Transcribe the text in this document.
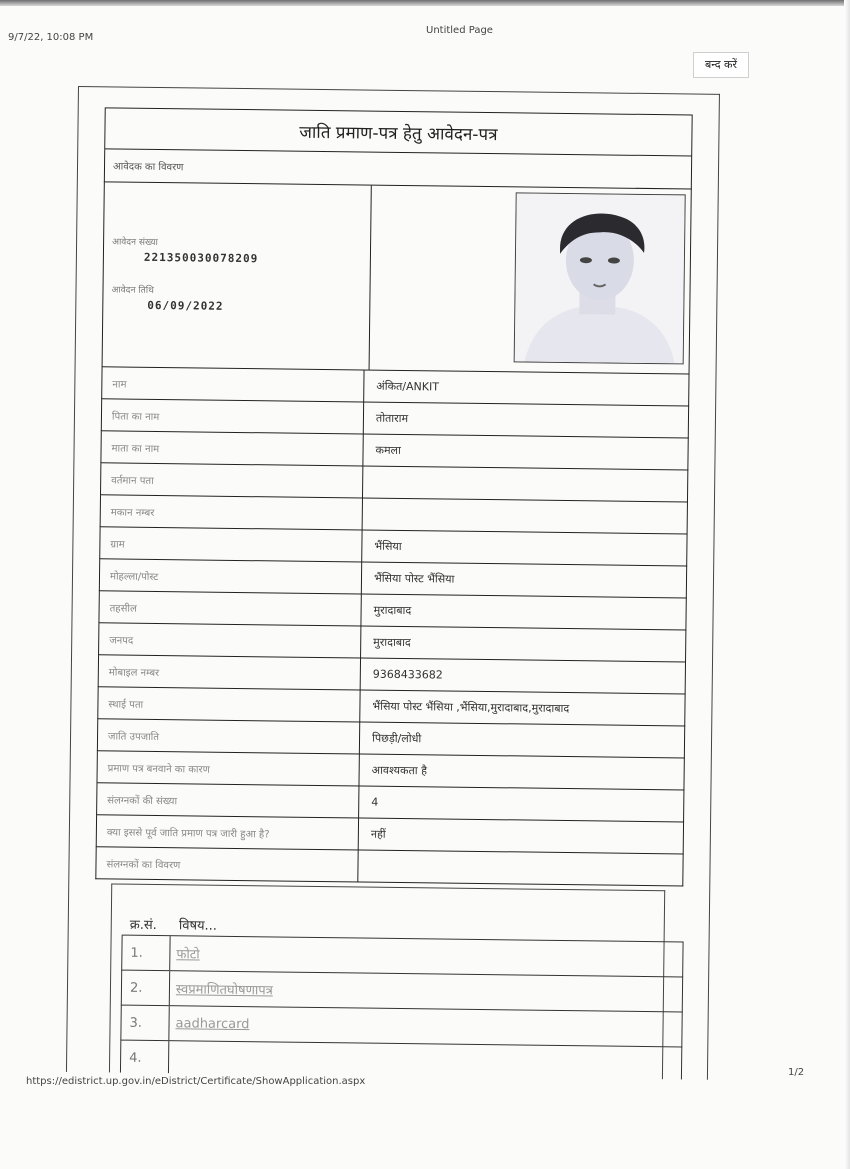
9/7/22, 10:08 PM
Untitled Page
बन्द करें
जाति प्रमाण-पत्र हेतु आवेदन-पत्र
आवेदक का विवरण
आवेदन संख्या
221350030078209
आवेदन तिथि
06/09/2022
नाम	अंकित/ANKIT
पिता का नाम	तोताराम
माता का नाम	कमला
वर्तमान पता
मकान नम्बर
ग्राम	भैंसिया
मोहल्ला/पोस्ट	भैंसिया पोस्ट भैंसिया
तहसील	मुरादाबाद
जनपद	मुरादाबाद
मोबाइल नम्बर	9368433682
स्थाई पता	भैंसिया पोस्ट भैंसिया ,भैंसिया,मुरादाबाद,मुरादाबाद
जाति उपजाति	पिछड़ी/लोधी
प्रमाण पत्र बनवाने का कारण	आवश्यकता है
संलग्नकों की संख्या	4
क्या इससे पूर्व जाति प्रमाण पत्र जारी हुआ है?	नहीं
संलग्नकों का विवरण
क्र.सं. विषय...
1.	फोटो
2.	स्वप्रमाणितघोषणापत्र
3.	aadharcard
4.
https://edistrict.up.gov.in/eDistrict/Certificate/ShowApplication.aspx
1/2
